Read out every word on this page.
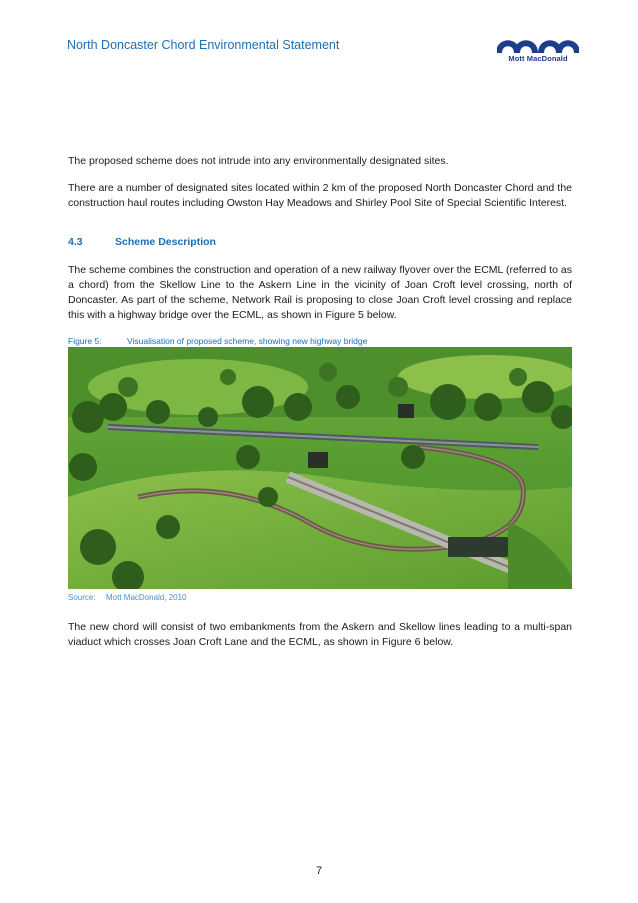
North Doncaster Chord Environmental Statement
Mott MacDonald
The proposed scheme does not intrude into any environmentally designated sites.
There are a number of designated sites located within 2 km of the proposed North Doncaster Chord and the construction haul routes including Owston Hay Meadows and Shirley Pool Site of Special Scientific Interest.
4.3	Scheme Description
The scheme combines the construction and operation of a new railway flyover over the ECML (referred to as a chord) from the Skellow Line to the Askern Line in the vicinity of Joan Croft level crossing, north of Doncaster. As part of the scheme, Network Rail is proposing to close Joan Croft level crossing and replace this with a highway bridge over the ECML, as shown in Figure 5 below.
Figure 5:	Visualisation of proposed scheme, showing new highway bridge
Source: Mott MacDonald, 2010
The new chord will consist of two embankments from the Askern and Skellow lines leading to a multi-span viaduct which crosses Joan Croft Lane and the ECML, as shown in Figure 6 below.
7
